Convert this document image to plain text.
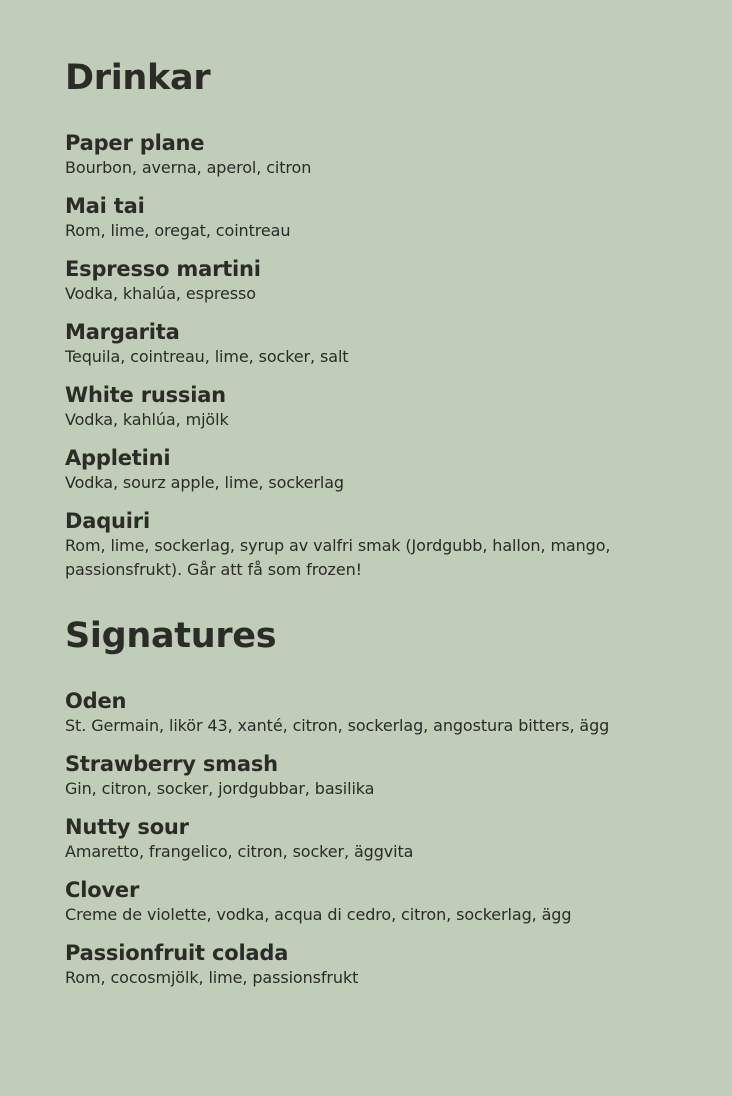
Drinkar
Paper plane
Bourbon, averna, aperol, citron
Mai tai
Rom, lime, oregat, cointreau
Espresso martini
Vodka, khalúa, espresso
Margarita
Tequila, cointreau, lime, socker, salt
White russian
Vodka, kahlúa, mjölk
Appletini
Vodka, sourz apple, lime, sockerlag
Daquiri
Rom, lime, sockerlag, syrup av valfri smak (Jordgubb, hallon, mango, passionsfrukt). Går att få som frozen!
Signatures
Oden
St. Germain, likör 43, xanté, citron, sockerlag, angostura bitters, ägg
Strawberry smash
Gin, citron, socker, jordgubbar, basilika
Nutty sour
Amaretto, frangelico, citron, socker, äggvita
Clover
Creme de violette, vodka, acqua di cedro, citron, sockerlag, ägg
Passionfruit colada
Rom, cocosmjölk, lime, passionsfrukt
